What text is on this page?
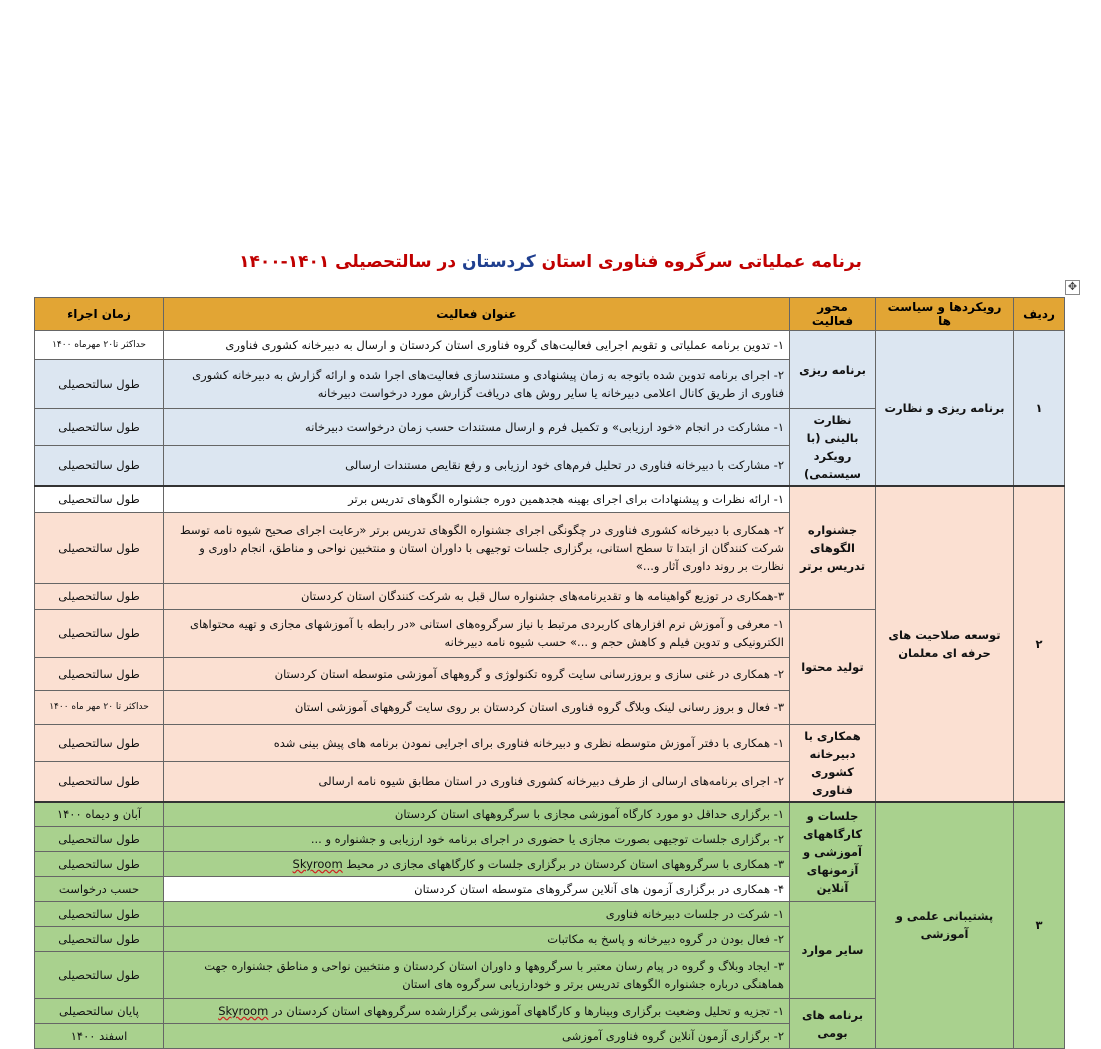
برنامه عملیاتی سرگروه فناوری استان کردستان در سالتحصیلی ۱۴۰۱-۱۴۰۰
✥
ردیف	رویکردها و سیاست ها	محور فعالیت	عنوان فعالیت	زمان اجراء
۱	برنامه ریزی و نظارت	برنامه ریزی	۱- تدوین برنامه عملیاتی و تقویم اجرایی فعالیت‌های گروه فناوری استان کردستان و ارسال به دبیرخانه کشوری فناوری	حداکثر تا۲۰ مهرماه ۱۴۰۰
			۲- اجرای برنامه تدوین شده باتوجه به زمان پیشنهادی و مستندسازی فعالیت‌های اجرا شده و ارائه گزارش به دبیرخانه کشوری فناوری از طریق کانال اعلامی دبیرخانه یا سایر روش های دریافت گزارش مورد درخواست دبیرخانه	طول سالتحصیلی
		نظارت بالینی (با رویکرد سیستمی)	۱- مشارکت در انجام «خود ارزیابی» و تکمیل فرم و ارسال مستندات حسب زمان درخواست دبیرخانه	طول سالتحصیلی
			۲- مشارکت با دبیرخانه فناوری در تحلیل فرم‌های خود ارزیابی و رفع نقایص مستندات ارسالی	طول سالتحصیلی
۲	توسعه صلاحیت های حرفه ای معلمان	جشنواره الگوهای تدریس برتر	۱- ارائه نظرات و پیشنهادات برای اجرای بهینه هجدهمین دوره جشنواره الگوهای تدریس برتر	طول سالتحصیلی
			۲- همکاری با دبیرخانه کشوری فناوری در چگونگی اجرای جشنواره الگوهای تدریس برتر «رعایت اجرای صحیح شیوه نامه توسط شرکت کنندگان از ابتدا تا سطح استانی، برگزاری جلسات توجیهی با داوران استان و منتخبین نواحی و مناطق، انجام داوری و نظارت بر روند داوری آثار و...»	طول سالتحصیلی
			۳-همکاری در توزیع گواهینامه ها و تقدیرنامه‌های جشنواره سال قبل به شرکت کنندگان استان کردستان	طول سالتحصیلی
		تولید محتوا	۱- معرفی و آموزش نرم افزارهای کاربردی مرتبط با نیاز سرگروه‌های استانی «در رابطه با آموزشهای مجازی و تهیه محتواهای الکترونیکی و تدوین فیلم و کاهش حجم و ...» حسب شیوه نامه دبیرخانه	طول سالتحصیلی
			۲- همکاری در غنی سازی و بروزرسانی سایت گروه تکنولوژی و گروههای آموزشی متوسطه استان کردستان	طول سالتحصیلی
			۳- فعال و بروز رسانی لینک وبلاگ گروه فناوری استان کردستان بر روی سایت گروههای آموزشی استان	حداکثر تا ۲۰ مهر ماه ۱۴۰۰
		همکاری با دبیرخانه کشوری فناوری	۱- همکاری با دفتر آموزش متوسطه نظری و دبیرخانه فناوری برای اجرایی نمودن برنامه های پیش بینی شده	طول سالتحصیلی
			۲- اجرای برنامه‌های ارسالی از طرف دبیرخانه کشوری فناوری در استان مطابق شیوه نامه ارسالی	طول سالتحصیلی
۳	پشتیبانی علمی و آموزشی	جلسات و کارگاههای آموزشی و آزمونهای آنلاین	۱- برگزاری حداقل دو مورد کارگاه آموزشی مجازی با سرگروههای استان کردستان	آبان و دیماه ۱۴۰۰
			۲- برگزاری جلسات توجیهی بصورت مجازی یا حضوری در اجرای برنامه خود ارزیابی و جشنواره و ...	طول سالتحصیلی
			۳- همکاری با سرگروههای استان کردستان در برگزاری جلسات و کارگاههای مجازی در محیط Skyroom	طول سالتحصیلی
			۴- همکاری در برگزاری آزمون های آنلاین سرگروهای متوسطه استان کردستان	حسب درخواست
		سایر موارد	۱- شرکت در جلسات دبیرخانه فناوری	طول سالتحصیلی
			۲- فعال بودن در گروه دبیرخانه و پاسخ به مکاتبات	طول سالتحصیلی
			۳- ایجاد وبلاگ و گروه در پیام رسان معتبر با سرگروهها و داوران استان کردستان و منتخبین نواحی و مناطق جشنواره جهت هماهنگی درباره جشنواره الگوهای تدریس برتر و خودارزیابی سرگروه های استان	طول سالتحصیلی
		برنامه های بومی	۱- تجزیه و تحلیل وضعیت برگزاری وبینارها و کارگاههای آموزشی برگزارشده سرگروههای استان کردستان در Skyroom	پایان سالتحصیلی
			۲- برگزاری آزمون آنلاین گروه فناوری آموزشی	اسفند ۱۴۰۰
